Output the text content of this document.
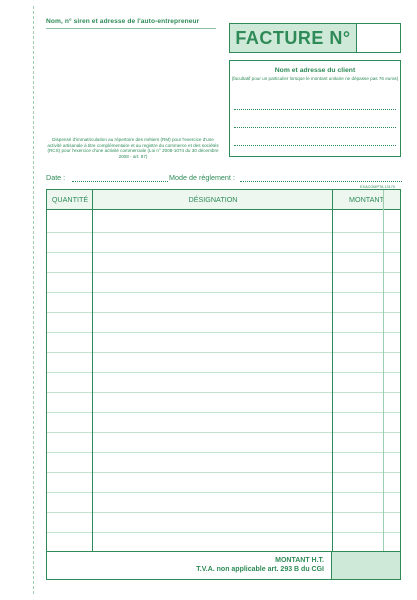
Nom, n° siren et adresse de l'auto-entrepreneur
FACTURE N°
Nom et adresse du client
(facultatif pour un particulier lorsque le montant unitaire ne dépasse pas 76 euros)
Dispensé d'immatriculation au répertoire des métiers (RM) pour l'exercice d'une activité artisanale à titre complémentaire et au registre du commerce et des sociétés (RCS) pour l'exercice d'une activité commerciale (Loi n° 2008-1074 du 30 décembre 2008 - art. 87)
Date :	Mode de règlement :
EXACOMPTA 13170
QUANTITÉ	DÉSIGNATION	MONTANT
MONTANT H.T.
T.V.A. non applicable art. 293 B du CGI
